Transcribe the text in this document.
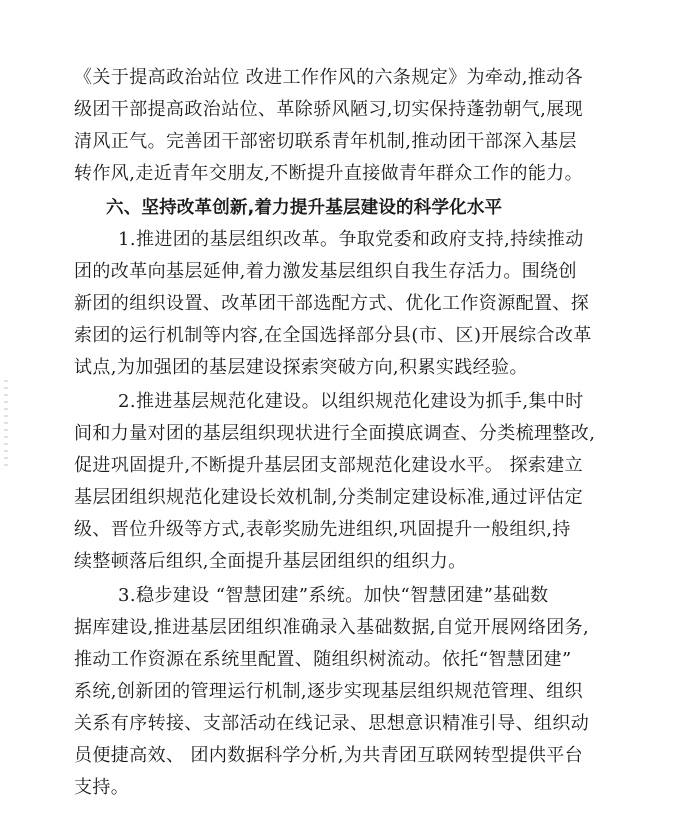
《关于提高政治站位 改进工作作风的六条规定》为牵动,推动各
级团干部提高政治站位、革除骄风陋习,切实保持蓬勃朝气,展现
清风正气。完善团干部密切联系青年机制,推动团干部深入基层
转作风,走近青年交朋友,不断提升直接做青年群众工作的能力。
六、坚持改革创新,着力提升基层建设的科学化水平
1.推进团的基层组织改革。争取党委和政府支持,持续推动
团的改革向基层延伸,着力激发基层组织自我生存活力。围绕创
新团的组织设置、改革团干部选配方式、优化工作资源配置、探
索团的运行机制等内容,在全国选择部分县(市、区)开展综合改革
试点,为加强团的基层建设探索突破方向,积累实践经验。
2.推进基层规范化建设。以组织规范化建设为抓手,集中时
间和力量对团的基层组织现状进行全面摸底调查、分类梳理整改,
促进巩固提升,不断提升基层团支部规范化建设水平。 探索建立
基层团组织规范化建设长效机制,分类制定建设标准,通过评估定
级、晋位升级等方式,表彰奖励先进组织,巩固提升一般组织,持
续整顿落后组织,全面提升基层团组织的组织力。
3.稳步建设 “智慧团建”系统。加快“智慧团建”基础数
据库建设,推进基层团组织准确录入基础数据,自觉开展网络团务,
推动工作资源在系统里配置、随组织树流动。依托“智慧团建”
系统,创新团的管理运行机制,逐步实现基层组织规范管理、组织
关系有序转接、支部活动在线记录、思想意识精准引导、组织动
员便捷高效、 团内数据科学分析,为共青团互联网转型提供平台
支持。
